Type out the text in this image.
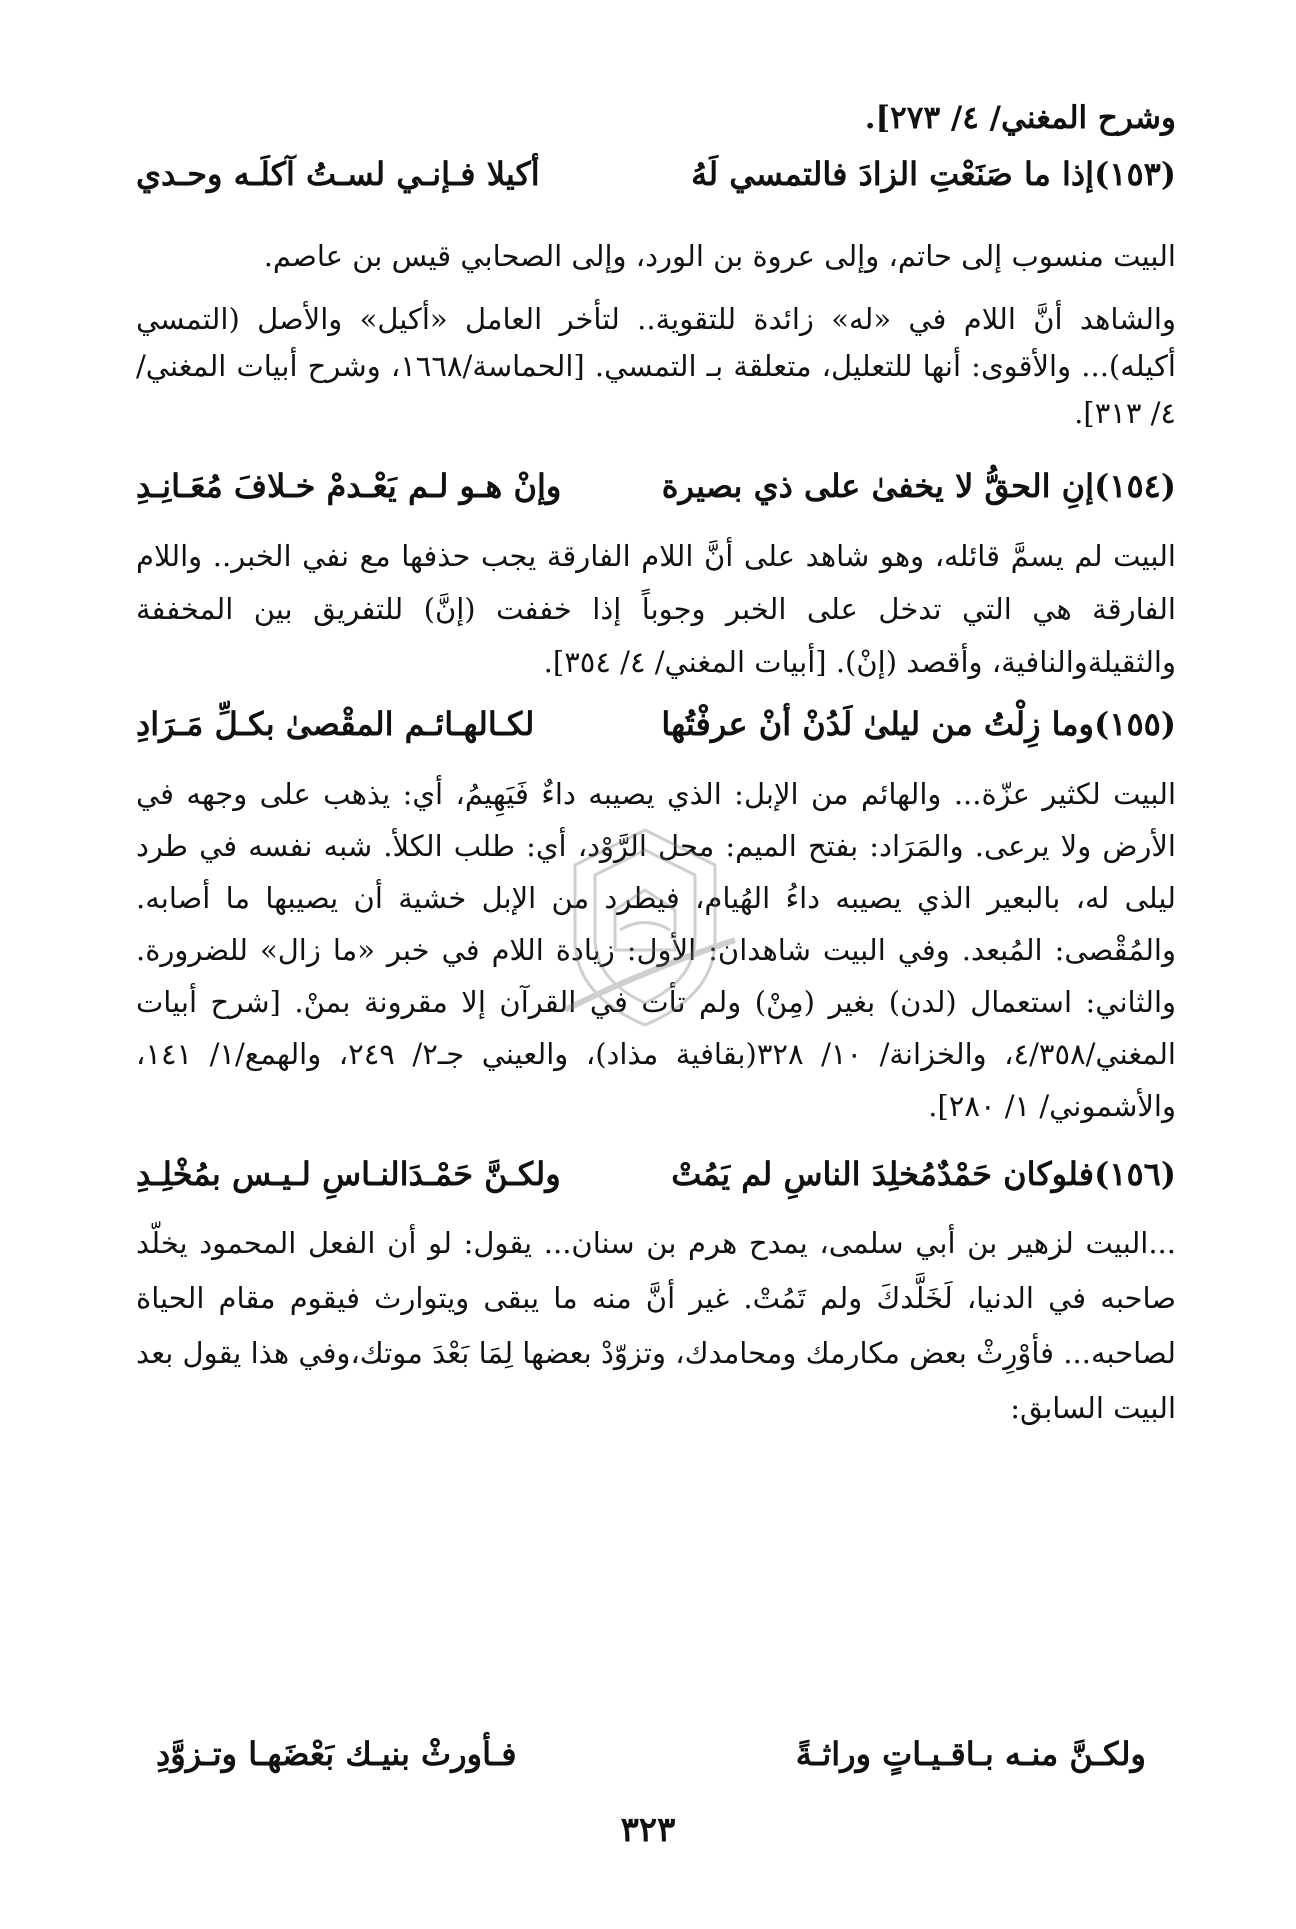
وشرح المغني/ ٤/ ٢٧٣].
(١٥٣)
إذا ما صَنَعْتِ الزادَ فالتمسي لَهُ
أكيلا فـإنـي لسـتُ آكلَـه وحـدي
البيت منسوب إلى حاتم، وإلى عروة بن الورد، وإلى الصحابي قيس بن عاصم.
والشاهد أنَّ اللام في «له» زائدة للتقوية.. لتأخر العامل «أكيل» والأصل (التمسي أكيله)... والأقوى: أنها للتعليل، متعلقة بـ التمسي. [الحماسة/١٦٦٨، وشرح أبيات المغني/ ٤/ ٣١٣].
(١٥٤)
إنِ الحقُّ لا يخفىٰ على ذي بصيرة
وإنْ هـو لـم يَعْـدمْ خـلافَ مُعَـانِـدِ
البيت لم يسمَّ قائله، وهو شاهد على أنَّ اللام الفارقة يجب حذفها مع نفي الخبر.. واللام الفارقة هي التي تدخل على الخبر وجوباً إذا خففت (إنَّ) للتفريق بين المخففة والثقيلةوالنافية، وأقصد (إنْ). [أبيات المغني/ ٤/ ٣٥٤].
(١٥٥)
وما زِلْتُ من ليلىٰ لَدُنْ أنْ عرفْتُها
لكـالهـائـم المقْصىٰ بكـلِّ مَـرَادِ
البيت لكثير عزّة... والهائم من الإبل: الذي يصيبه داءٌ فَيَهِيمُ، أي: يذهب على وجهه في الأرض ولا يرعى. والمَرَاد: بفتح الميم: محل الرَّوْد، أي: طلب الكلأ. شبه نفسه في طرد ليلى له، بالبعير الذي يصيبه داءُ الهُيام، فيطرد من الإبل خشية أن يصيبها ما أصابه. والمُقْصى: المُبعد. وفي البيت شاهدان: الأول: زيادة اللام في خبر «ما زال» للضرورة. والثاني: استعمال (لدن) بغير (مِنْ) ولم تأت في القرآن إلا مقرونة بمنْ. [شرح أبيات المغني/٤/٣٥٨، والخزانة/ ١٠/ ٣٢٨(بقافية مذاد)، والعيني جـ٢/ ٢٤٩، والهمع/١/ ١٤١، والأشموني/ ١/ ٢٨٠].
(١٥٦)
فلوكان حَمْدٌمُخلِدَ الناسِ لم يَمُتْ
ولكـنَّ حَمْـدَالنـاسِ لـيـس بمُخْلِـدِ
...البيت لزهير بن أبي سلمى، يمدح هرم بن سنان... يقول: لو أن الفعل المحمود يخلّد صاحبه في الدنيا، لَخَلَّدكَ ولم تَمُتْ. غير أنَّ منه ما يبقى ويتوارث فيقوم مقام الحياة لصاحبه... فأوْرِثْ بعض مكارمك ومحامدك، وتزوّدْ بعضها لِمَا بَعْدَ موتك،وفي هذا يقول بعد البيت السابق:
ولكـنَّ منـه بـاقـيـاتٍ وراثـةً
فـأورثْ بنيـك بَعْضَهـا وتـزوَّدِ
٣٢٣
